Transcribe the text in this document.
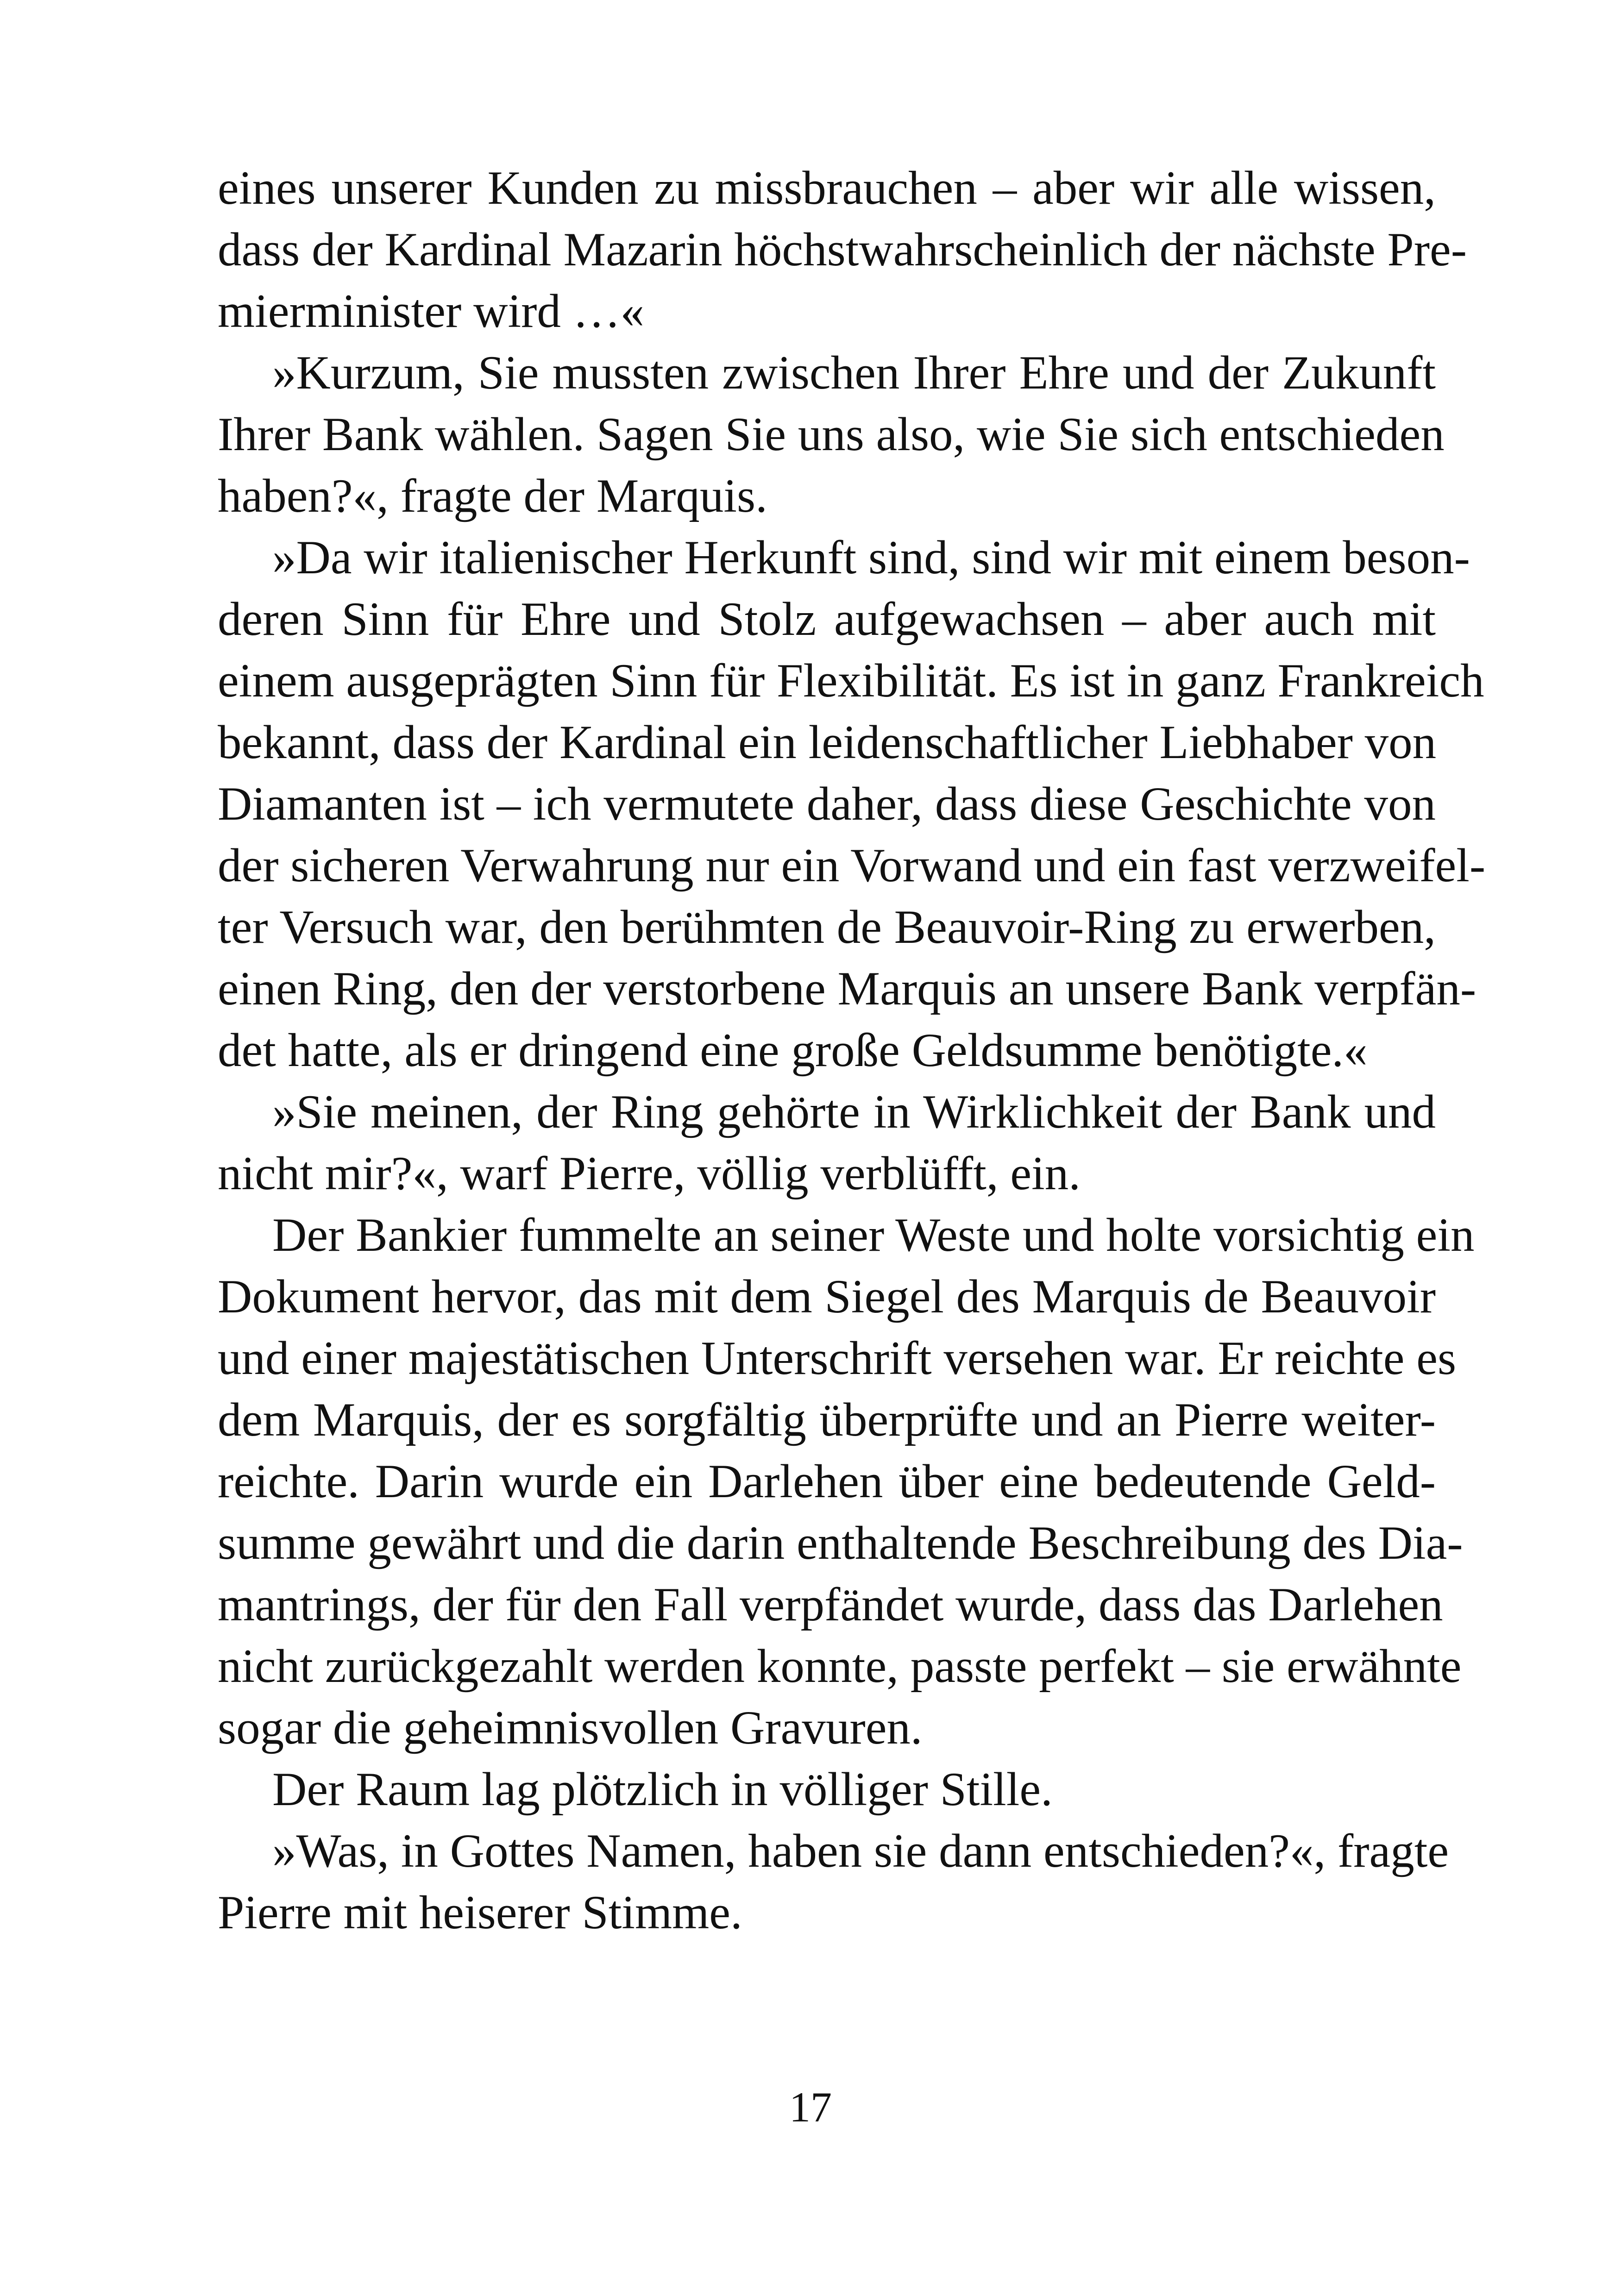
eines unserer Kunden zu missbrauchen – aber wir alle wissen,
dass der Kardinal Mazarin höchstwahrscheinlich der nächste Pre-
mierminister wird …«
»Kurzum, Sie mussten zwischen Ihrer Ehre und der Zukunft
Ihrer Bank wählen. Sagen Sie uns also, wie Sie sich entschieden
haben?«, fragte der Marquis.
»Da wir italienischer Herkunft sind, sind wir mit einem beson-
deren Sinn für Ehre und Stolz aufgewachsen – aber auch mit
einem ausgeprägten Sinn für Flexibilität. Es ist in ganz Frankreich
bekannt, dass der Kardinal ein leidenschaftlicher Liebhaber von
Diamanten ist – ich vermutete daher, dass diese Geschichte von
der sicheren Verwahrung nur ein Vorwand und ein fast verzweifel-
ter Versuch war, den berühmten de Beauvoir-Ring zu erwerben,
einen Ring, den der verstorbene Marquis an unsere Bank verpfän-
det hatte, als er dringend eine große Geldsumme benötigte.«
»Sie meinen, der Ring gehörte in Wirklichkeit der Bank und
nicht mir?«, warf Pierre, völlig verblüfft, ein.
Der Bankier fummelte an seiner Weste und holte vorsichtig ein
Dokument hervor, das mit dem Siegel des Marquis de Beauvoir
und einer majestätischen Unterschrift versehen war. Er reichte es
dem Marquis, der es sorgfältig überprüfte und an Pierre weiter-
reichte. Darin wurde ein Darlehen über eine bedeutende Geld-
summe gewährt und die darin enthaltende Beschreibung des Dia-
mantrings, der für den Fall verpfändet wurde, dass das Darlehen
nicht zurückgezahlt werden konnte, passte perfekt – sie erwähnte
sogar die geheimnisvollen Gravuren.
Der Raum lag plötzlich in völliger Stille.
»Was, in Gottes Namen, haben sie dann entschieden?«, fragte
Pierre mit heiserer Stimme.
17
